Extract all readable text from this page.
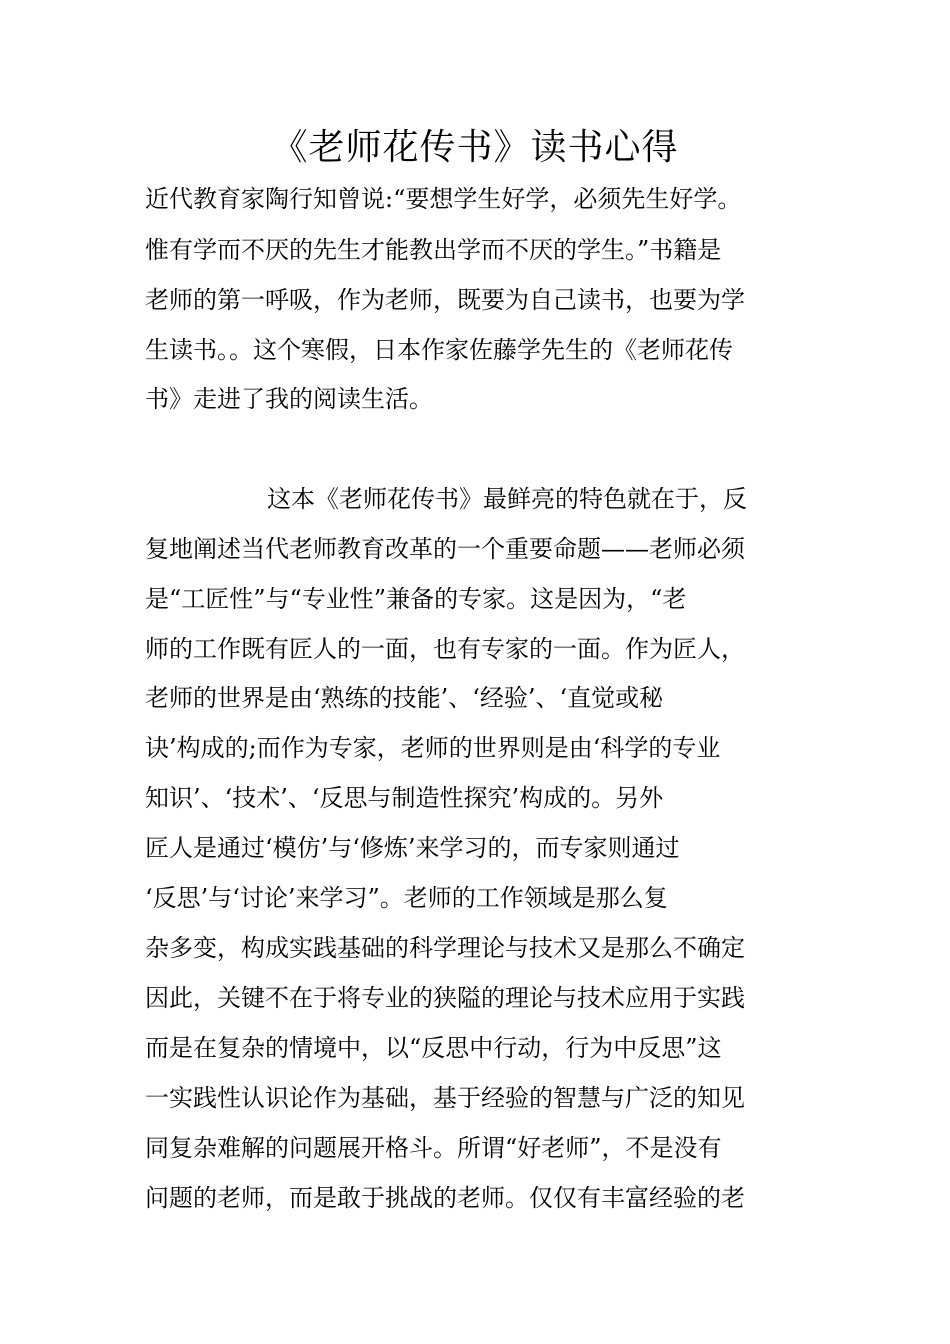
《老师花传书》读书心得

近代教育家陶行知曾说:“要想学生好学，必须先生好学。

惟有学而不厌的先生才能教出学而不厌的学生。”书籍是

老师的第一呼吸，作为老师，既要为自己读书，也要为学

生读书。。这个寒假，日本作家佐藤学先生的《老师花传

书》走进了我的阅读生活。

这本《老师花传书》最鲜亮的特色就在于，反

复地阐述当代老师教育改革的一个重要命题——老师必须

是“工匠性”与“专业性”兼备的专家。这是因为，“老

师的工作既有匠人的一面，也有专家的一面。作为匠人，

老师的世界是由‘熟练的技能’、‘经验’、‘直觉或秘

诀’构成的;而作为专家，老师的世界则是由‘科学的专业

知识’、‘技术’、‘反思与制造性探究’构成的。另外

匠人是通过‘模仿’与‘修炼’来学习的，而专家则通过

‘反思’与‘讨论’来学习”。老师的工作领域是那么复

杂多变，构成实践基础的科学理论与技术又是那么不确定

因此，关键不在于将专业的狭隘的理论与技术应用于实践

而是在复杂的情境中，以“反思中行动，行为中反思”这

一实践性认识论作为基础，基于经验的智慧与广泛的知见

同复杂难解的问题展开格斗。所谓“好老师”，不是没有

问题的老师，而是敢于挑战的老师。仅仅有丰富经验的老
